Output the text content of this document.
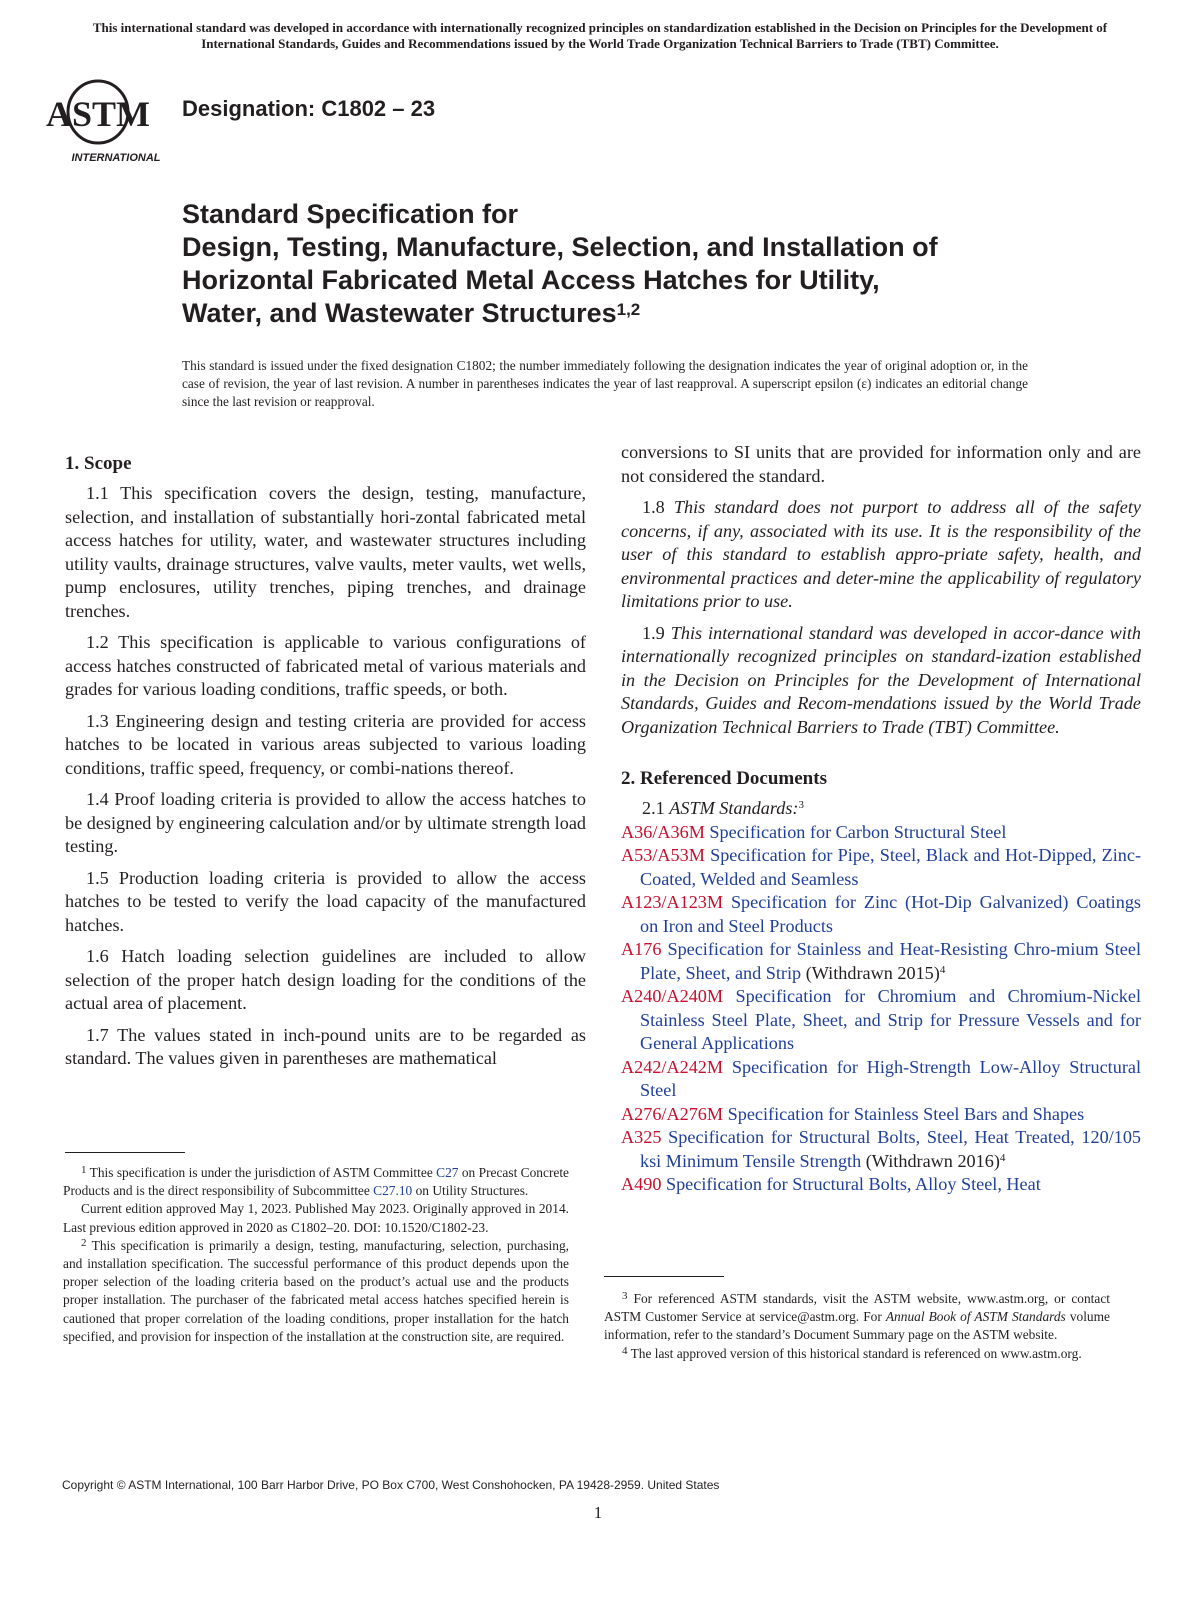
This international standard was developed in accordance with internationally recognized principles on standardization established in the Decision on Principles for the Development of International Standards, Guides and Recommendations issued by the World Trade Organization Technical Barriers to Trade (TBT) Committee.
ASTM
INTERNATIONAL
Designation: C1802 – 23
Standard Specification for
Design, Testing, Manufacture, Selection, and Installation of
Horizontal Fabricated Metal Access Hatches for Utility,
Water, and Wastewater Structures$^{1,2}$
This standard is issued under the fixed designation C1802; the number immediately following the designation indicates the year of original adoption or, in the case of revision, the year of last revision. A number in parentheses indicates the year of last reapproval. A superscript epsilon (ε) indicates an editorial change since the last revision or reapproval.
1. Scope

1.1 This specification covers the design, testing, manufacture, selection, and installation of substantially hori-zontal fabricated metal access hatches for utility, water, and wastewater structures including utility vaults, drainage structures, valve vaults, meter vaults, wet wells, pump enclosures, utility trenches, piping trenches, and drainage trenches.

1.2 This specification is applicable to various configurations of access hatches constructed of fabricated metal of various materials and grades for various loading conditions, traffic speeds, or both.

1.3 Engineering design and testing criteria are provided for access hatches to be located in various areas subjected to various loading conditions, traffic speed, frequency, or combi-nations thereof.

1.4 Proof loading criteria is provided to allow the access hatches to be designed by engineering calculation and/or by ultimate strength load testing.

1.5 Production loading criteria is provided to allow the access hatches to be tested to verify the load capacity of the manufactured hatches.

1.6 Hatch loading selection guidelines are included to allow selection of the proper hatch design loading for the conditions of the actual area of placement.

1.7 The values stated in inch-pound units are to be regarded as standard. The values given in parentheses are mathematical

$^1$ This specification is under the jurisdiction of ASTM Committee C27 on Precast Concrete Products and is the direct responsibility of Subcommittee C27.10 on Utility Structures.

Current edition approved May 1, 2023. Published May 2023. Originally approved in 2014. Last previous edition approved in 2020 as C1802–20. DOI: 10.1520/C1802-23.

$^2$ This specification is primarily a design, testing, manufacturing, selection, purchasing, and installation specification. The successful performance of this product depends upon the proper selection of the loading criteria based on the product’s actual use and the products proper installation. The purchaser of the fabricated metal access hatches specified herein is cautioned that proper correlation of the loading conditions, proper installation for the hatch specified, and provision for inspection of the installation at the construction site, are required.

conversions to SI units that are provided for information only and are not considered the standard.

1.8 This standard does not purport to address all of the safety concerns, if any, associated with its use. It is the responsibility of the user of this standard to establish appro-priate safety, health, and environmental practices and deter-mine the applicability of regulatory limitations prior to use.

1.9 This international standard was developed in accor-dance with internationally recognized principles on standard-ization established in the Decision on Principles for the Development of International Standards, Guides and Recom-mendations issued by the World Trade Organization Technical Barriers to Trade (TBT) Committee.

2. Referenced Documents

2.1 ASTM Standards:$^3$

A36/A36M Specification for Carbon Structural Steel
A53/A53M Specification for Pipe, Steel, Black and Hot-Dipped, Zinc-Coated, Welded and Seamless
A123/A123M Specification for Zinc (Hot-Dip Galvanized) Coatings on Iron and Steel Products
A176 Specification for Stainless and Heat-Resisting Chro-mium Steel Plate, Sheet, and Strip (Withdrawn 2015)$^4$
A240/A240M Specification for Chromium and Chromium-Nickel Stainless Steel Plate, Sheet, and Strip for Pressure Vessels and for General Applications
A242/A242M Specification for High-Strength Low-Alloy Structural Steel
A276/A276M Specification for Stainless Steel Bars and Shapes
A325 Specification for Structural Bolts, Steel, Heat Treated, 120/105 ksi Minimum Tensile Strength (Withdrawn 2016)$^4$
A490 Specification for Structural Bolts, Alloy Steel, Heat

$^3$ For referenced ASTM standards, visit the ASTM website, www.astm.org, or contact ASTM Customer Service at service@astm.org. For Annual Book of ASTM Standards volume information, refer to the standard’s Document Summary page on the ASTM website.

$^4$ The last approved version of this historical standard is referenced on www.astm.org.

Copyright © ASTM International, 100 Barr Harbor Drive, PO Box C700, West Conshohocken, PA 19428-2959. United States
1
